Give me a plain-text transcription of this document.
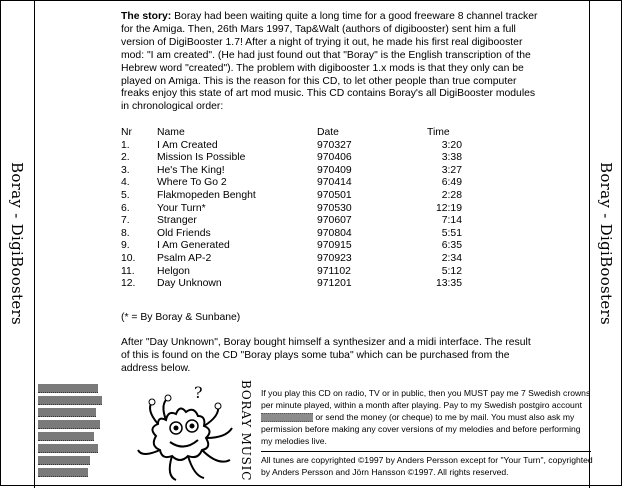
Boray - DigiBoosters	Boray - DigiBoosters
The story: Boray had been waiting quite a long time for a good freeware 8 channel tracker for the Amiga. Then, 26th Mars 1997, Tap&Walt (authors of digibooster) sent him a full version of DigiBooster 1.7! After a night of trying it out, he made his first real digibooster mod: "I am created". (He had just found out that "Boray" is the English transcription of the Hebrew word "created"). The problem with digibooster 1.x mods is that they only can be played on Amiga. This is the reason for this CD, to let other people than true computer freaks enjoy this state of art mod music. This CD contains Boray's all DigiBooster modules in chronological order:
Nr	Name	Date	Time
1.	I Am Created	970327	3:20
2.	Mission Is Possible	970406	3:38
3.	He's The King!	970409	3:27
4.	Where To Go 2	970414	6:49
5.	Flakmopeden Benght	970501	2:28
6.	Your Turn*	970530	12:19
7.	Stranger	970607	7:14
8.	Old Friends	970804	5:51
9.	I Am Generated	970915	6:35
10.	Psalm AP-2	970923	2:34
11.	Helgon	971102	5:12
12.	Day Unknown	971201	13:35
(* = By Boray & Sunbane)
After "Day Unknown", Boray bought himself a synthesizer and a midi interface. The result of this is found on the CD "Boray plays some tuba" which can be purchased from the address below.
?	BORAY MUSIC If you play this CD on radio, TV or in public, then you MUST pay me 7 Swedish crowns per minute played, within a month after playing. Pay to my Swedish postgiro account  or send the money (or cheque) to me by mail. You must also ask my permission before making any cover versions of my melodies and before performing my melodies live.
All tunes are copyrighted ©1997 by Anders Persson except for "Your Turn", copyrighted by Anders Persson and Jörn Hansson ©1997. All rights reserved.
